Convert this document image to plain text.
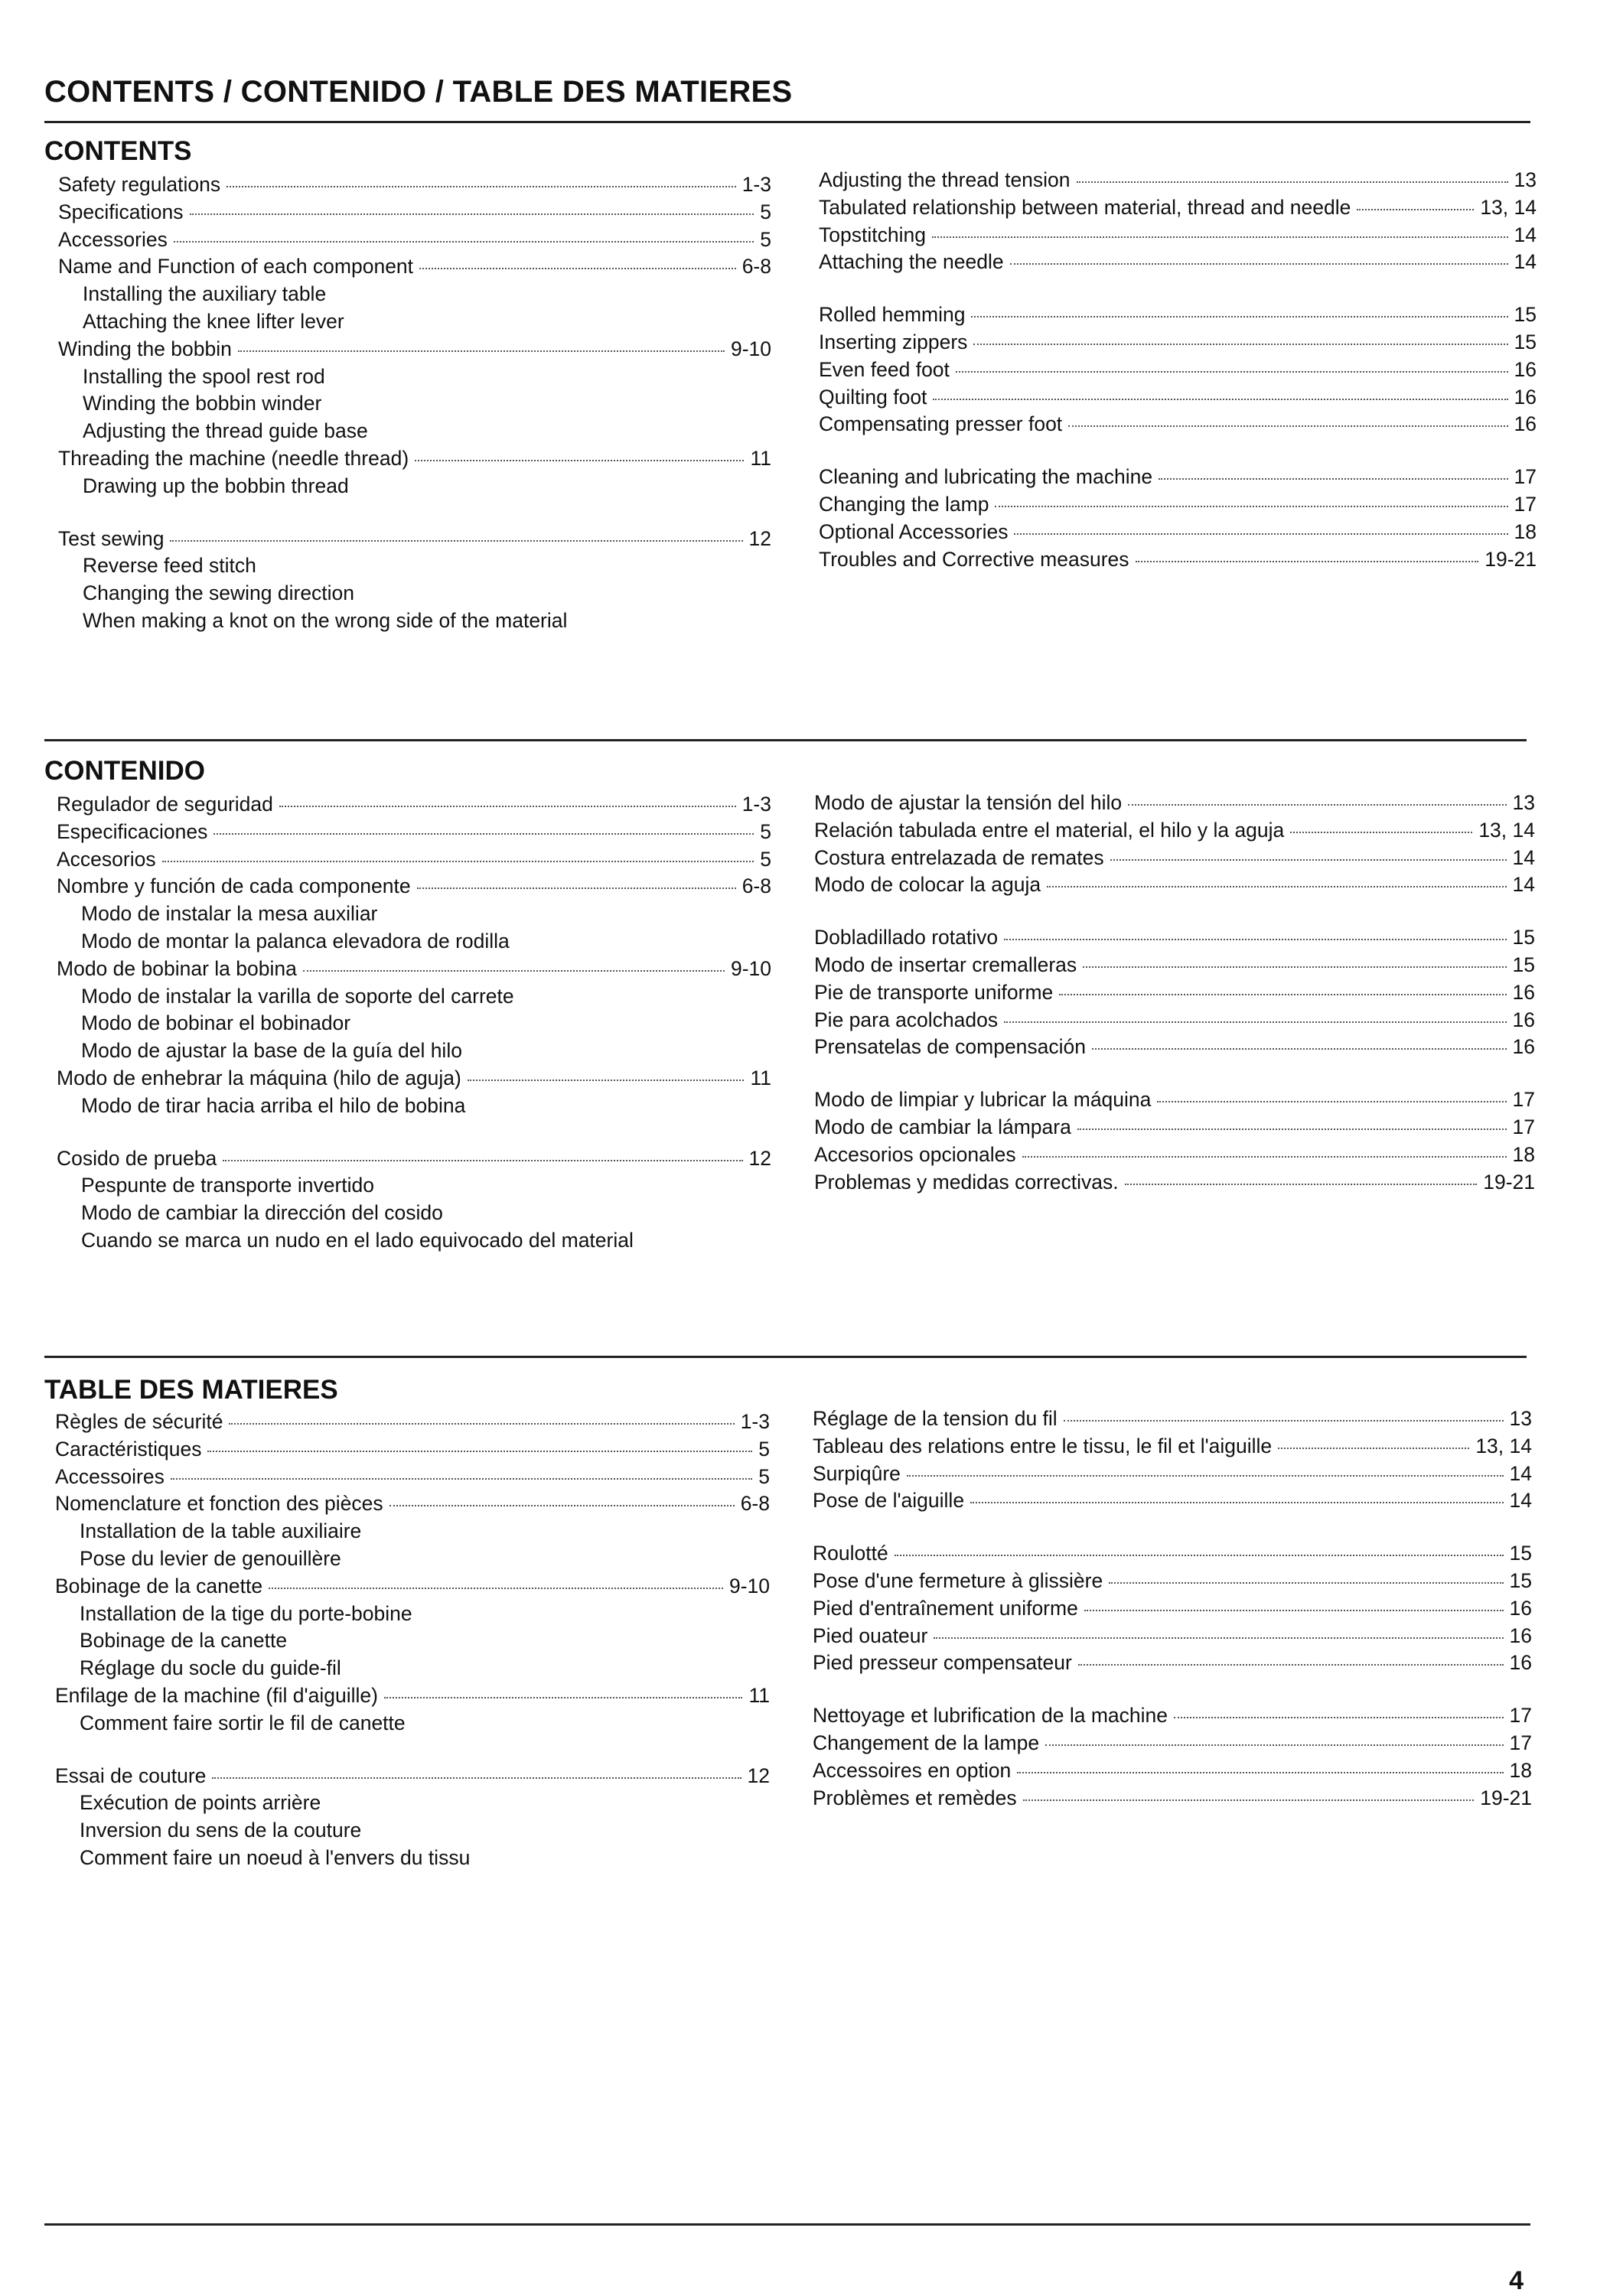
CONTENTS / CONTENIDO / TABLE DES MATIERES
CONTENTS
Safety regulations	1-3
Specifications	5
Accessories	5
Name and Function of each component	6-8
Installing the auxiliary table
Attaching the knee lifter lever
Winding the bobbin	9-10
Installing the spool rest rod
Winding the bobbin winder
Adjusting the thread guide base
Threading the machine (needle thread)	11
Drawing up the bobbin thread
Test sewing	12
Reverse feed stitch
Changing the sewing direction
When making a knot on the wrong side of the material
Adjusting the thread tension	13
Tabulated relationship between material, thread and needle	13, 14
Topstitching	14
Attaching the needle	14
Rolled hemming	15
Inserting zippers	15
Even feed foot	16
Quilting foot	16
Compensating presser foot	16
Cleaning and lubricating the machine	17
Changing the lamp	17
Optional Accessories	18
Troubles and Corrective measures	19-21
CONTENIDO
Regulador de seguridad	1-3
Especificaciones	5
Accesorios	5
Nombre y función de cada componente	6-8
Modo de instalar la mesa auxiliar
Modo de montar la palanca elevadora de rodilla
Modo de bobinar la bobina	9-10
Modo de instalar la varilla de soporte del carrete
Modo de bobinar el bobinador
Modo de ajustar la base de la guía del hilo
Modo de enhebrar la máquina (hilo de aguja)	11
Modo de tirar hacia arriba el hilo de bobina
Cosido de prueba	12
Pespunte de transporte invertido
Modo de cambiar la dirección del cosido
Cuando se marca un nudo en el lado equivocado del material
Modo de ajustar la tensión del hilo	13
Relación tabulada entre el material, el hilo y la aguja	13, 14
Costura entrelazada de remates	14
Modo de colocar la aguja	14
Dobladillado rotativo	15
Modo de insertar cremalleras	15
Pie de transporte uniforme	16
Pie para acolchados	16
Prensatelas de compensación	16
Modo de limpiar y lubricar la máquina	17
Modo de cambiar la lámpara	17
Accesorios opcionales	18
Problemas y medidas correctivas.	19-21
TABLE DES MATIERES
Règles de sécurité	1-3
Caractéristiques	5
Accessoires	5
Nomenclature et fonction des pièces	6-8
Installation de la table auxiliaire
Pose du levier de genouillère
Bobinage de la canette	9-10
Installation de la tige du porte-bobine
Bobinage de la canette
Réglage du socle du guide-fil
Enfilage de la machine (fil d'aiguille)	11
Comment faire sortir le fil de canette
Essai de couture	12
Exécution de points arrière
Inversion du sens de la couture
Comment faire un noeud à l'envers du tissu
Réglage de la tension du fil	13
Tableau des relations entre le tissu, le fil et l'aiguille	13, 14
Surpiqûre	14
Pose de l'aiguille	14
Roulotté	15
Pose d'une fermeture à glissière	15
Pied d'entraînement uniforme	16
Pied ouateur	16
Pied presseur compensateur	16
Nettoyage et lubrification de la machine	17
Changement de la lampe	17
Accessoires en option	18
Problèmes et remèdes	19-21
4
